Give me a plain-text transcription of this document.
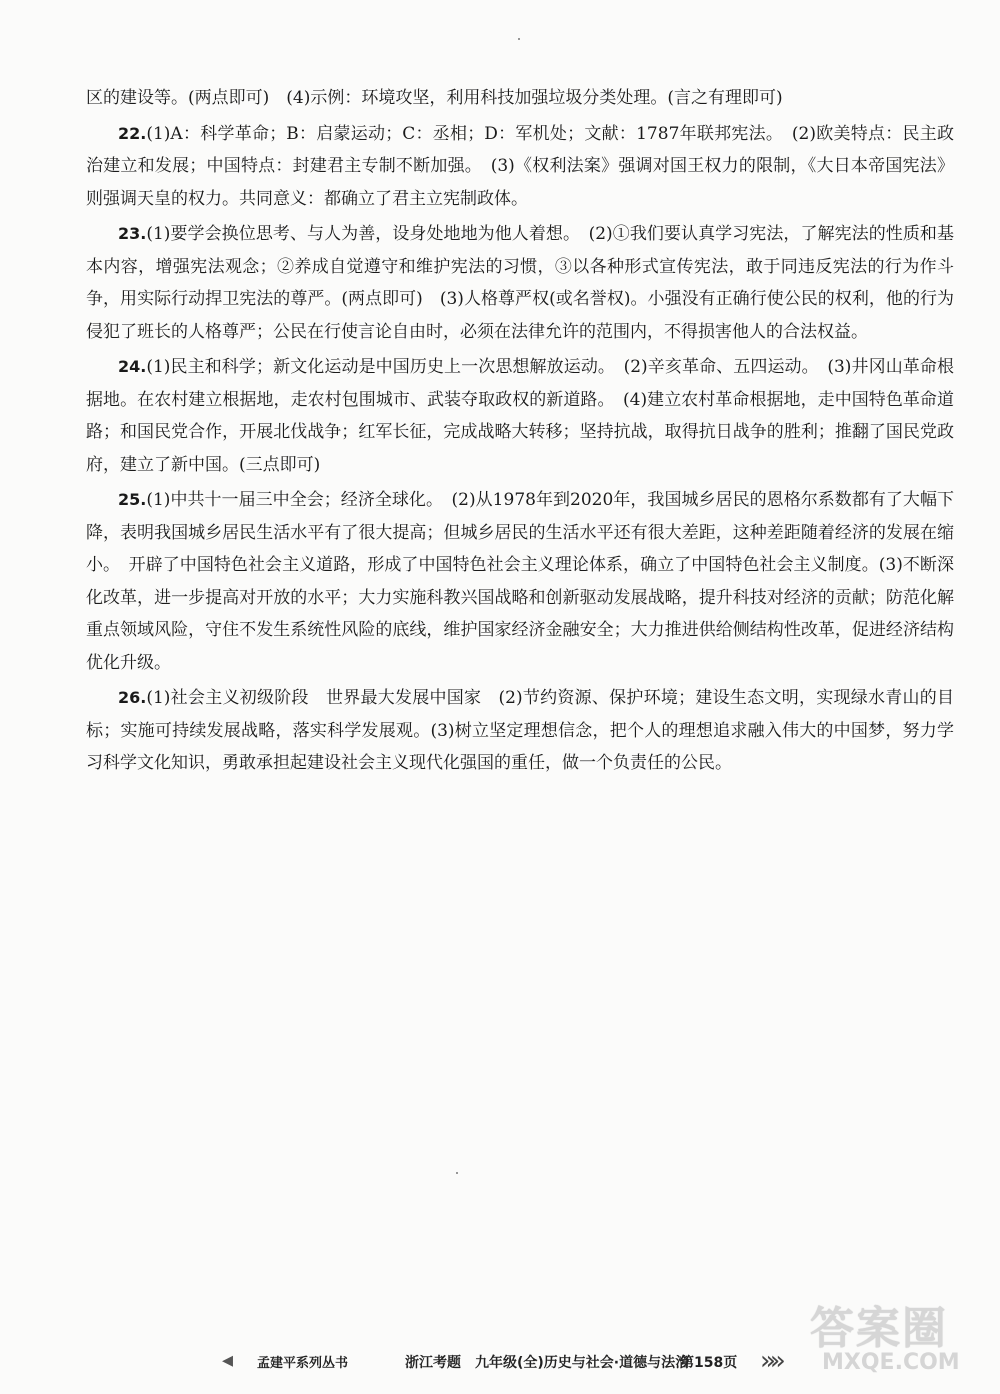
区的建设等。(两点即可)　(4)示例：环境攻坚，利用科技加强垃圾分类处理。(言之有理即可)

22.(1)A：科学革命；B：启蒙运动；C：丞相；D：军机处；文献：1787年联邦宪法。　(2)欧美特点：民主政治建立和发展；中国特点：封建君主专制不断加强。　(3)《权利法案》强调对国王权力的限制，《大日本帝国宪法》则强调天皇的权力。共同意义：都确立了君主立宪制政体。

23.(1)要学会换位思考、与人为善，设身处地地为他人着想。　(2)①我们要认真学习宪法，了解宪法的性质和基本内容，增强宪法观念；②养成自觉遵守和维护宪法的习惯，③以各种形式宣传宪法，敢于同违反宪法的行为作斗争，用实际行动捍卫宪法的尊严。(两点即可)　(3)人格尊严权(或名誉权)。小强没有正确行使公民的权利，他的行为侵犯了班长的人格尊严；公民在行使言论自由时，必须在法律允许的范围内，不得损害他人的合法权益。

24.(1)民主和科学；新文化运动是中国历史上一次思想解放运动。　(2)辛亥革命、五四运动。　(3)井冈山革命根据地。在农村建立根据地，走农村包围城市、武装夺取政权的新道路。　(4)建立农村革命根据地，走中国特色革命道路；和国民党合作，开展北伐战争；红军长征，完成战略大转移；坚持抗战，取得抗日战争的胜利；推翻了国民党政府，建立了新中国。(三点即可)

25.(1)中共十一届三中全会；经济全球化。　(2)从1978年到2020年，我国城乡居民的恩格尔系数都有了大幅下降，表明我国城乡居民生活水平有了很大提高；但城乡居民的生活水平还有很大差距，这种差距随着经济的发展在缩小。　开辟了中国特色社会主义道路，形成了中国特色社会主义理论体系，确立了中国特色社会主义制度。(3)不断深化改革，进一步提高对开放的水平；大力实施科教兴国战略和创新驱动发展战略，提升科技对经济的贡献；防范化解重点领域风险，守住不发生系统性风险的底线，维护国家经济金融安全；大力推进供给侧结构性改革，促进经济结构优化升级。

26.(1)社会主义初级阶段　世界最大发展中国家　(2)节约资源、保护环境；建设生态文明，实现绿水青山的目标；实施可持续发展战略，落实科学发展观。(3)树立坚定理想信念，把个人的理想追求融入伟大的中国梦，努力学习科学文化知识，勇敢承担起建设社会主义现代化强国的重任，做一个负责任的公民。

◂ 孟建平系列丛书	浙江考题　九年级(全)历史与社会·道德与法治
第158页 »»
答案圈
MXQE.COM
